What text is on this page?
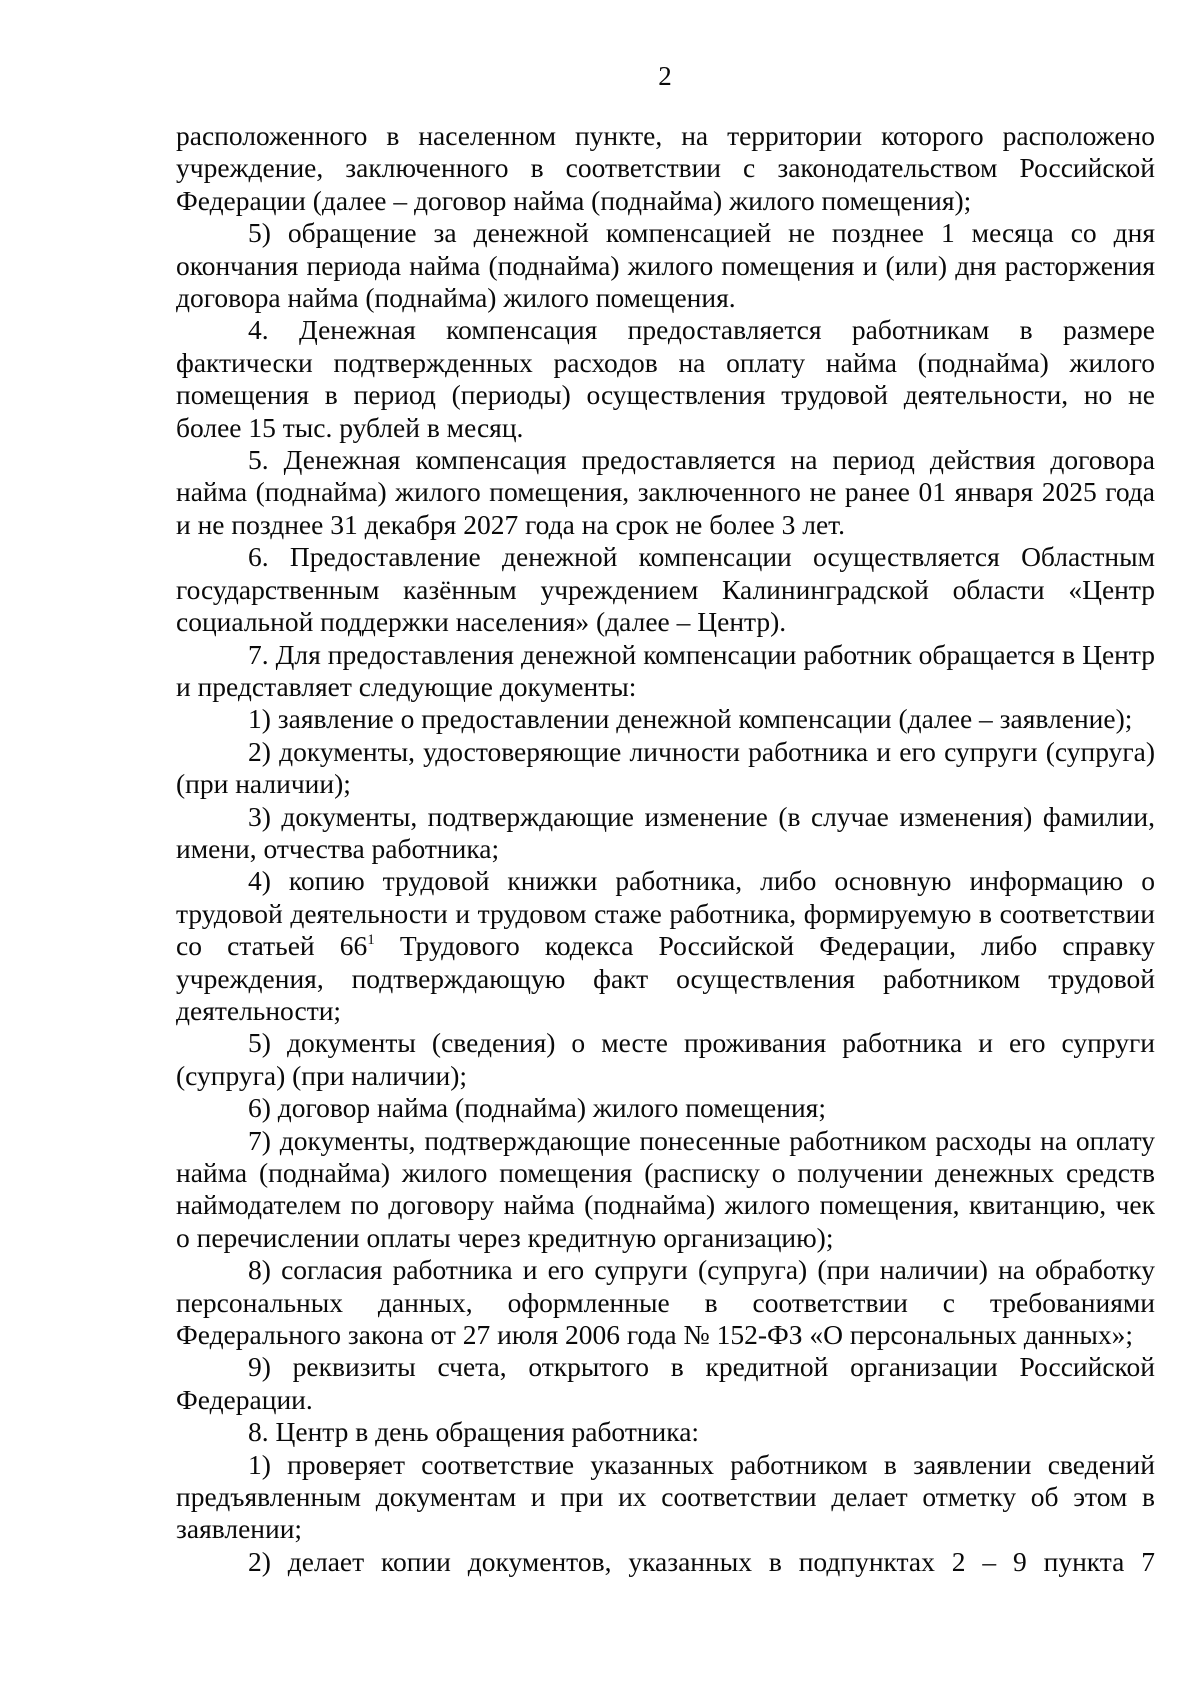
2

расположенного в населенном пункте, на территории которого расположено учреждение, заключенного в соответствии с законодательством Российской Федерации (далее – договор найма (поднайма) жилого помещения);

5) обращение за денежной компенсацией не позднее 1 месяца со дня окончания периода найма (поднайма) жилого помещения и (или) дня расторжения договора найма (поднайма) жилого помещения.

4. Денежная компенсация предоставляется работникам в размере фактически подтвержденных расходов на оплату найма (поднайма) жилого помещения в период (периоды) осуществления трудовой деятельности, но не более 15 тыс. рублей в месяц.

5. Денежная компенсация предоставляется на период действия договора найма (поднайма) жилого помещения, заключенного не ранее 01 января 2025 года и не позднее 31 декабря 2027 года на срок не более 3 лет.

6. Предоставление денежной компенсации осуществляется Областным государственным казённым учреждением Калининградской области «Центр социальной поддержки населения» (далее – Центр).

7. Для предоставления денежной компенсации работник обращается в Центр и представляет следующие документы:

1) заявление о предоставлении денежной компенсации (далее – заявление);

2) документы, удостоверяющие личности работника и его супруги (супруга) (при наличии);

3) документы, подтверждающие изменение (в случае изменения) фамилии, имени, отчества работника;

4) копию трудовой книжки работника, либо основную информацию о трудовой деятельности и трудовом стаже работника, формируемую в соответствии со статьей $66^1$ Трудового кодекса Российской Федерации, либо справку учреждения, подтверждающую факт осуществления работником трудовой деятельности;

5) документы (сведения) о месте проживания работника и его супруги (супруга) (при наличии);

6) договор найма (поднайма) жилого помещения;

7) документы, подтверждающие понесенные работником расходы на оплату найма (поднайма) жилого помещения (расписку о получении денежных средств наймодателем по договору найма (поднайма) жилого помещения, квитанцию, чек о перечислении оплаты через кредитную организацию);

8) согласия работника и его супруги (супруга) (при наличии) на обработку персональных данных, оформленные в соответствии с требованиями Федерального закона от 27 июля 2006 года № 152-ФЗ «О персональных данных»;

9) реквизиты счета, открытого в кредитной организации Российской Федерации.

8. Центр в день обращения работника:

1) проверяет соответствие указанных работником в заявлении сведений предъявленным документам и при их соответствии делает отметку об этом в заявлении;

2) делает копии документов, указанных в подпунктах 2 – 9 пункта 7
